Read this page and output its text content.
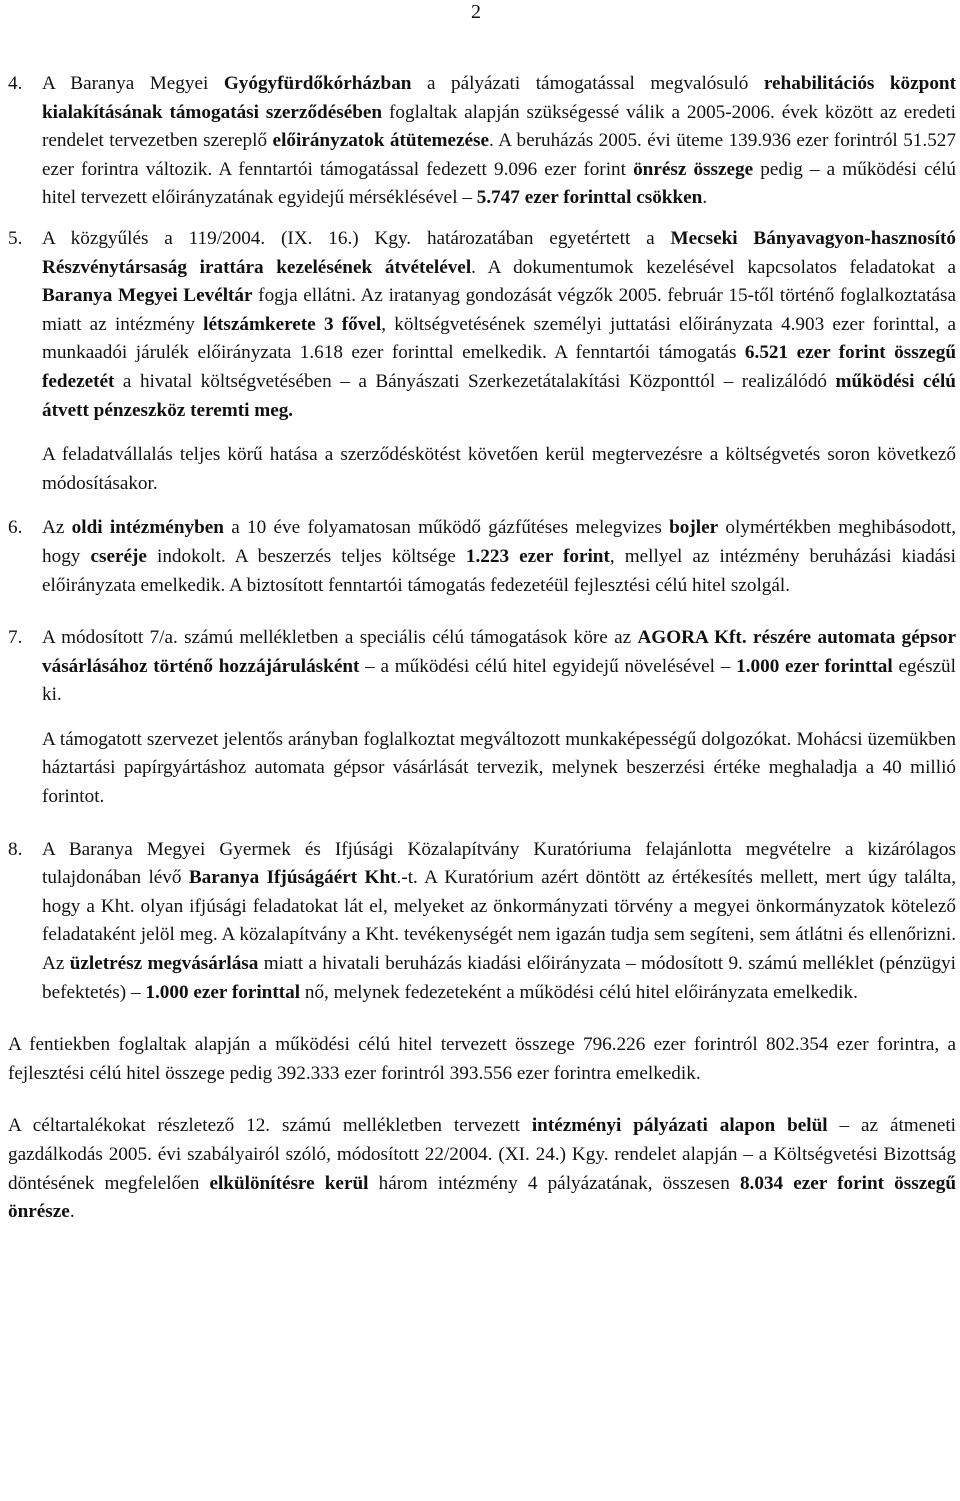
2
4.	A Baranya Megyei Gyógyfürdőkórházban a pályázati támogatással megvalósuló rehabilitációs központ kialakításának támogatási szerződésében foglaltak alapján szükségessé válik a 2005-2006. évek között az eredeti rendelet tervezetben szereplő előirányzatok átütemezése. A beruházás 2005. évi üteme 139.936 ezer forintról 51.527 ezer forintra változik. A fenntartói támogatással fedezett 9.096 ezer forint önrész összege pedig – a működési célú hitel tervezett előirányzatának egyidejű mérséklésével – 5.747 ezer forinttal csökken.

5.	A közgyűlés a 119/2004. (IX. 16.) Kgy. határozatában egyetértett a Mecseki Bányavagyon-hasznosító Részvénytársaság irattára kezelésének átvételével. A dokumentumok kezelésével kapcsolatos feladatokat a Baranya Megyei Levéltár fogja ellátni. Az iratanyag gondozását végzők 2005. február 15-től történő foglalkoztatása miatt az intézmény létszámkerete 3 fővel, költségvetésének személyi juttatási előirányzata 4.903 ezer forinttal, a munkaadói járulék előirányzata 1.618 ezer forinttal emelkedik. A fenntartói támogatás 6.521 ezer forint összegű fedezetét a hivatal költségvetésében – a Bányászati Szerkezetátalakítási Központtól – realizálódó működési célú átvett pénzeszköz teremti meg.

A feladatvállalás teljes körű hatása a szerződéskötést követően kerül megtervezésre a költségvetés soron következő módosításakor.

6.	Az oldi intézményben a 10 éve folyamatosan működő gázfűtéses melegvizes bojler olymértékben meghibásodott, hogy cseréje indokolt. A beszerzés teljes költsége 1.223 ezer forint, mellyel az intézmény beruházási kiadási előirányzata emelkedik. A biztosított fenntartói támogatás fedezetéül fejlesztési célú hitel szolgál.

7.	A módosított 7/a. számú mellékletben a speciális célú támogatások köre az AGORA Kft. részére automata gépsor vásárlásához történő hozzájárulásként – a működési célú hitel egyidejű növelésével – 1.000 ezer forinttal egészül ki.

A támogatott szervezet jelentős arányban foglalkoztat megváltozott munkaképességű dolgozókat. Mohácsi üzemükben háztartási papírgyártáshoz automata gépsor vásárlását tervezik, melynek beszerzési értéke meghaladja a 40 millió forintot.

8.	A Baranya Megyei Gyermek és Ifjúsági Közalapítvány Kuratóriuma felajánlotta megvételre a kizárólagos tulajdonában lévő Baranya Ifjúságáért Kht.-t. A Kuratórium azért döntött az értékesítés mellett, mert úgy találta, hogy a Kht. olyan ifjúsági feladatokat lát el, melyeket az önkormányzati törvény a megyei önkormányzatok kötelező feladataként jelöl meg. A közalapítvány a Kht. tevékenységét nem igazán tudja sem segíteni, sem átlátni és ellenőrizni. Az üzletrész megvásárlása miatt a hivatali beruházás kiadási előirányzata – módosított 9. számú melléklet (pénzügyi befektetés) – 1.000 ezer forinttal nő, melynek fedezeteként a működési célú hitel előirányzata emelkedik.

A fentiekben foglaltak alapján a működési célú hitel tervezett összege 796.226 ezer forintról 802.354 ezer forintra, a fejlesztési célú hitel összege pedig 392.333 ezer forintról 393.556 ezer forintra emelkedik.

A céltartalékokat részletező 12. számú mellékletben tervezett intézményi pályázati alapon belül – az átmeneti gazdálkodás 2005. évi szabályairól szóló, módosított 22/2004. (XI. 24.) Kgy. rendelet alapján – a Költségvetési Bizottság döntésének megfelelően elkülönítésre kerül három intézmény 4 pályázatának, összesen 8.034 ezer forint összegű önrésze.
